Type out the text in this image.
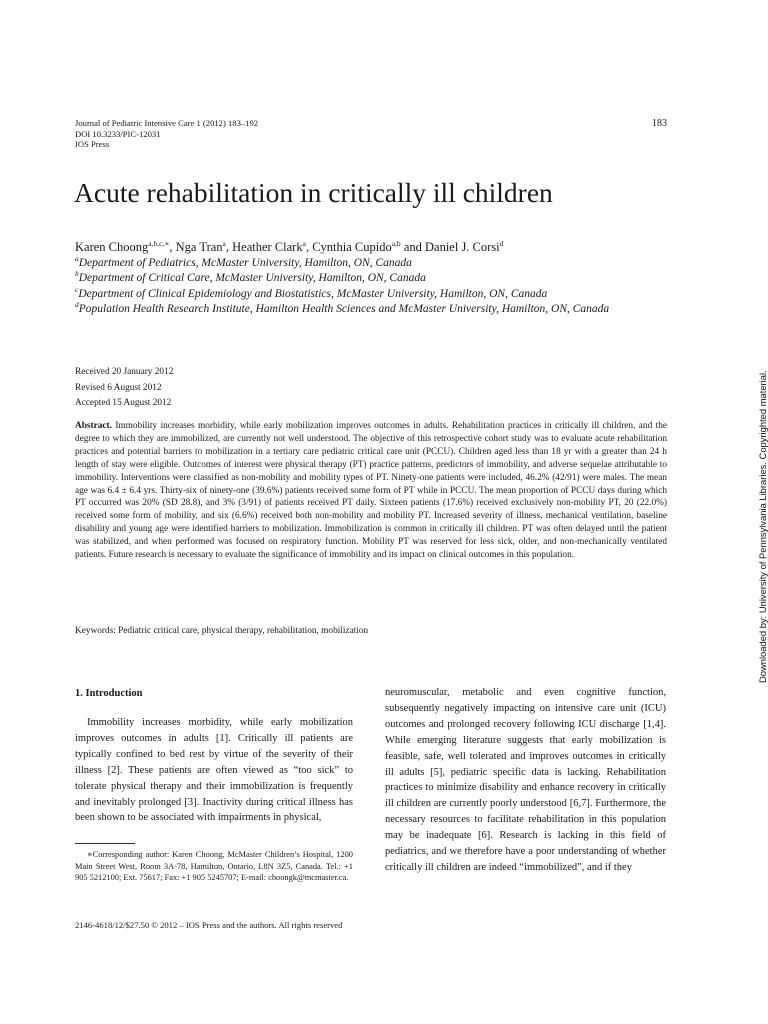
Journal of Pediatric Intensive Care 1 (2012) 183–192
DOI 10.3233/PIC-12031
IOS Press
183
Acute rehabilitation in critically ill children
Karen Choong$^{a,b,c,∗}$, Nga Tran$^a$, Heather Clark$^a$, Cynthia Cupido$^{a,b}$ and Daniel J. Corsi$^d$
$^a$Department of Pediatrics, McMaster University, Hamilton, ON, Canada
$^b$Department of Critical Care, McMaster University, Hamilton, ON, Canada
$^c$Department of Clinical Epidemiology and Biostatistics, McMaster University, Hamilton, ON, Canada
$^d$Population Health Research Institute, Hamilton Health Sciences and McMaster University, Hamilton, ON, Canada
Received 20 January 2012
Revised 6 August 2012
Accepted 15 August 2012
Abstract. Immobility increases morbidity, while early mobilization improves outcomes in adults. Rehabilitation practices in critically ill children, and the degree to which they are immobilized, are currently not well understood. The objective of this retrospective cohort study was to evaluate acute rehabilitation practices and potential barriers to mobilization in a tertiary care pediatric critical care unit (PCCU). Children aged less than 18 yr with a greater than 24 h length of stay were eligible. Outcomes of interest were physical therapy (PT) practice patterns, predictors of immobility, and adverse sequelae attributable to immobility. Interventions were classified as non-mobility and mobility types of PT. Ninety-one patients were included, 46.2% (42/91) were males. The mean age was 6.4 ± 6.4 yrs. Thirty-six of ninety-one (39.6%) patients received some form of PT while in PCCU. The mean proportion of PCCU days during which PT occurred was 20% (SD 28.8), and 3% (3/91) of patients received PT daily. Sixteen patients (17.6%) received exclusively non-mobility PT, 20 (22.0%) received some form of mobility, and six (6.6%) received both non-mobility and mobility PT. Increased severity of illness, mechanical ventilation, baseline disability and young age were identified barriers to mobilization. Immobilization is common in critically ill children. PT was often delayed until the patient was stabilized, and when performed was focused on respiratory function. Mobility PT was reserved for less sick, older, and non-mechanically ventilated patients. Future research is necessary to evaluate the significance of immobility and its impact on clinical outcomes in this population.
Keywords: Pediatric critical care, physical therapy, rehabilitation, mobilization	Downloaded by: University of Pennsylvania Libraries. Copyrighted material.
1. Introduction
Immobility increases morbidity, while early mobilization improves outcomes in adults [1]. Critically ill patients are typically confined to bed rest by virtue of the severity of their illness [2]. These patients are often viewed as “too sick” to tolerate physical therapy and their immobilization is frequently and inevitably prolonged [3]. Inactivity during critical illness has been shown to be associated with impairments in physical,
neuromuscular, metabolic and even cognitive function, subsequently negatively impacting on intensive care unit (ICU) outcomes and prolonged recovery following ICU discharge [1,4]. While emerging literature suggests that early mobilization is feasible, safe, well tolerated and improves outcomes in critically ill adults [5], pediatric specific data is lacking. Rehabilitation practices to minimize disability and enhance recovery in critically ill children are currently poorly understood [6,7]. Furthermore, the necessary resources to facilitate rehabilitation in this population may be inadequate [6]. Research is lacking in this field of pediatrics, and we therefore have a poor understanding of whether critically ill children are indeed “immobilized”, and if they
∗Corresponding author: Karen Choong, McMaster Children’s Hospital, 1200 Main Street West, Room 3A-78, Hamilton, Ontario, L8N 3Z5, Canada. Tel.: +1 905 5212100; Ext. 75617; Fax: +1 905 5245707; E-mail: choongk@mcmaster.ca.
2146-4618/12/$27.50 © 2012 – IOS Press and the authors. All rights reserved
